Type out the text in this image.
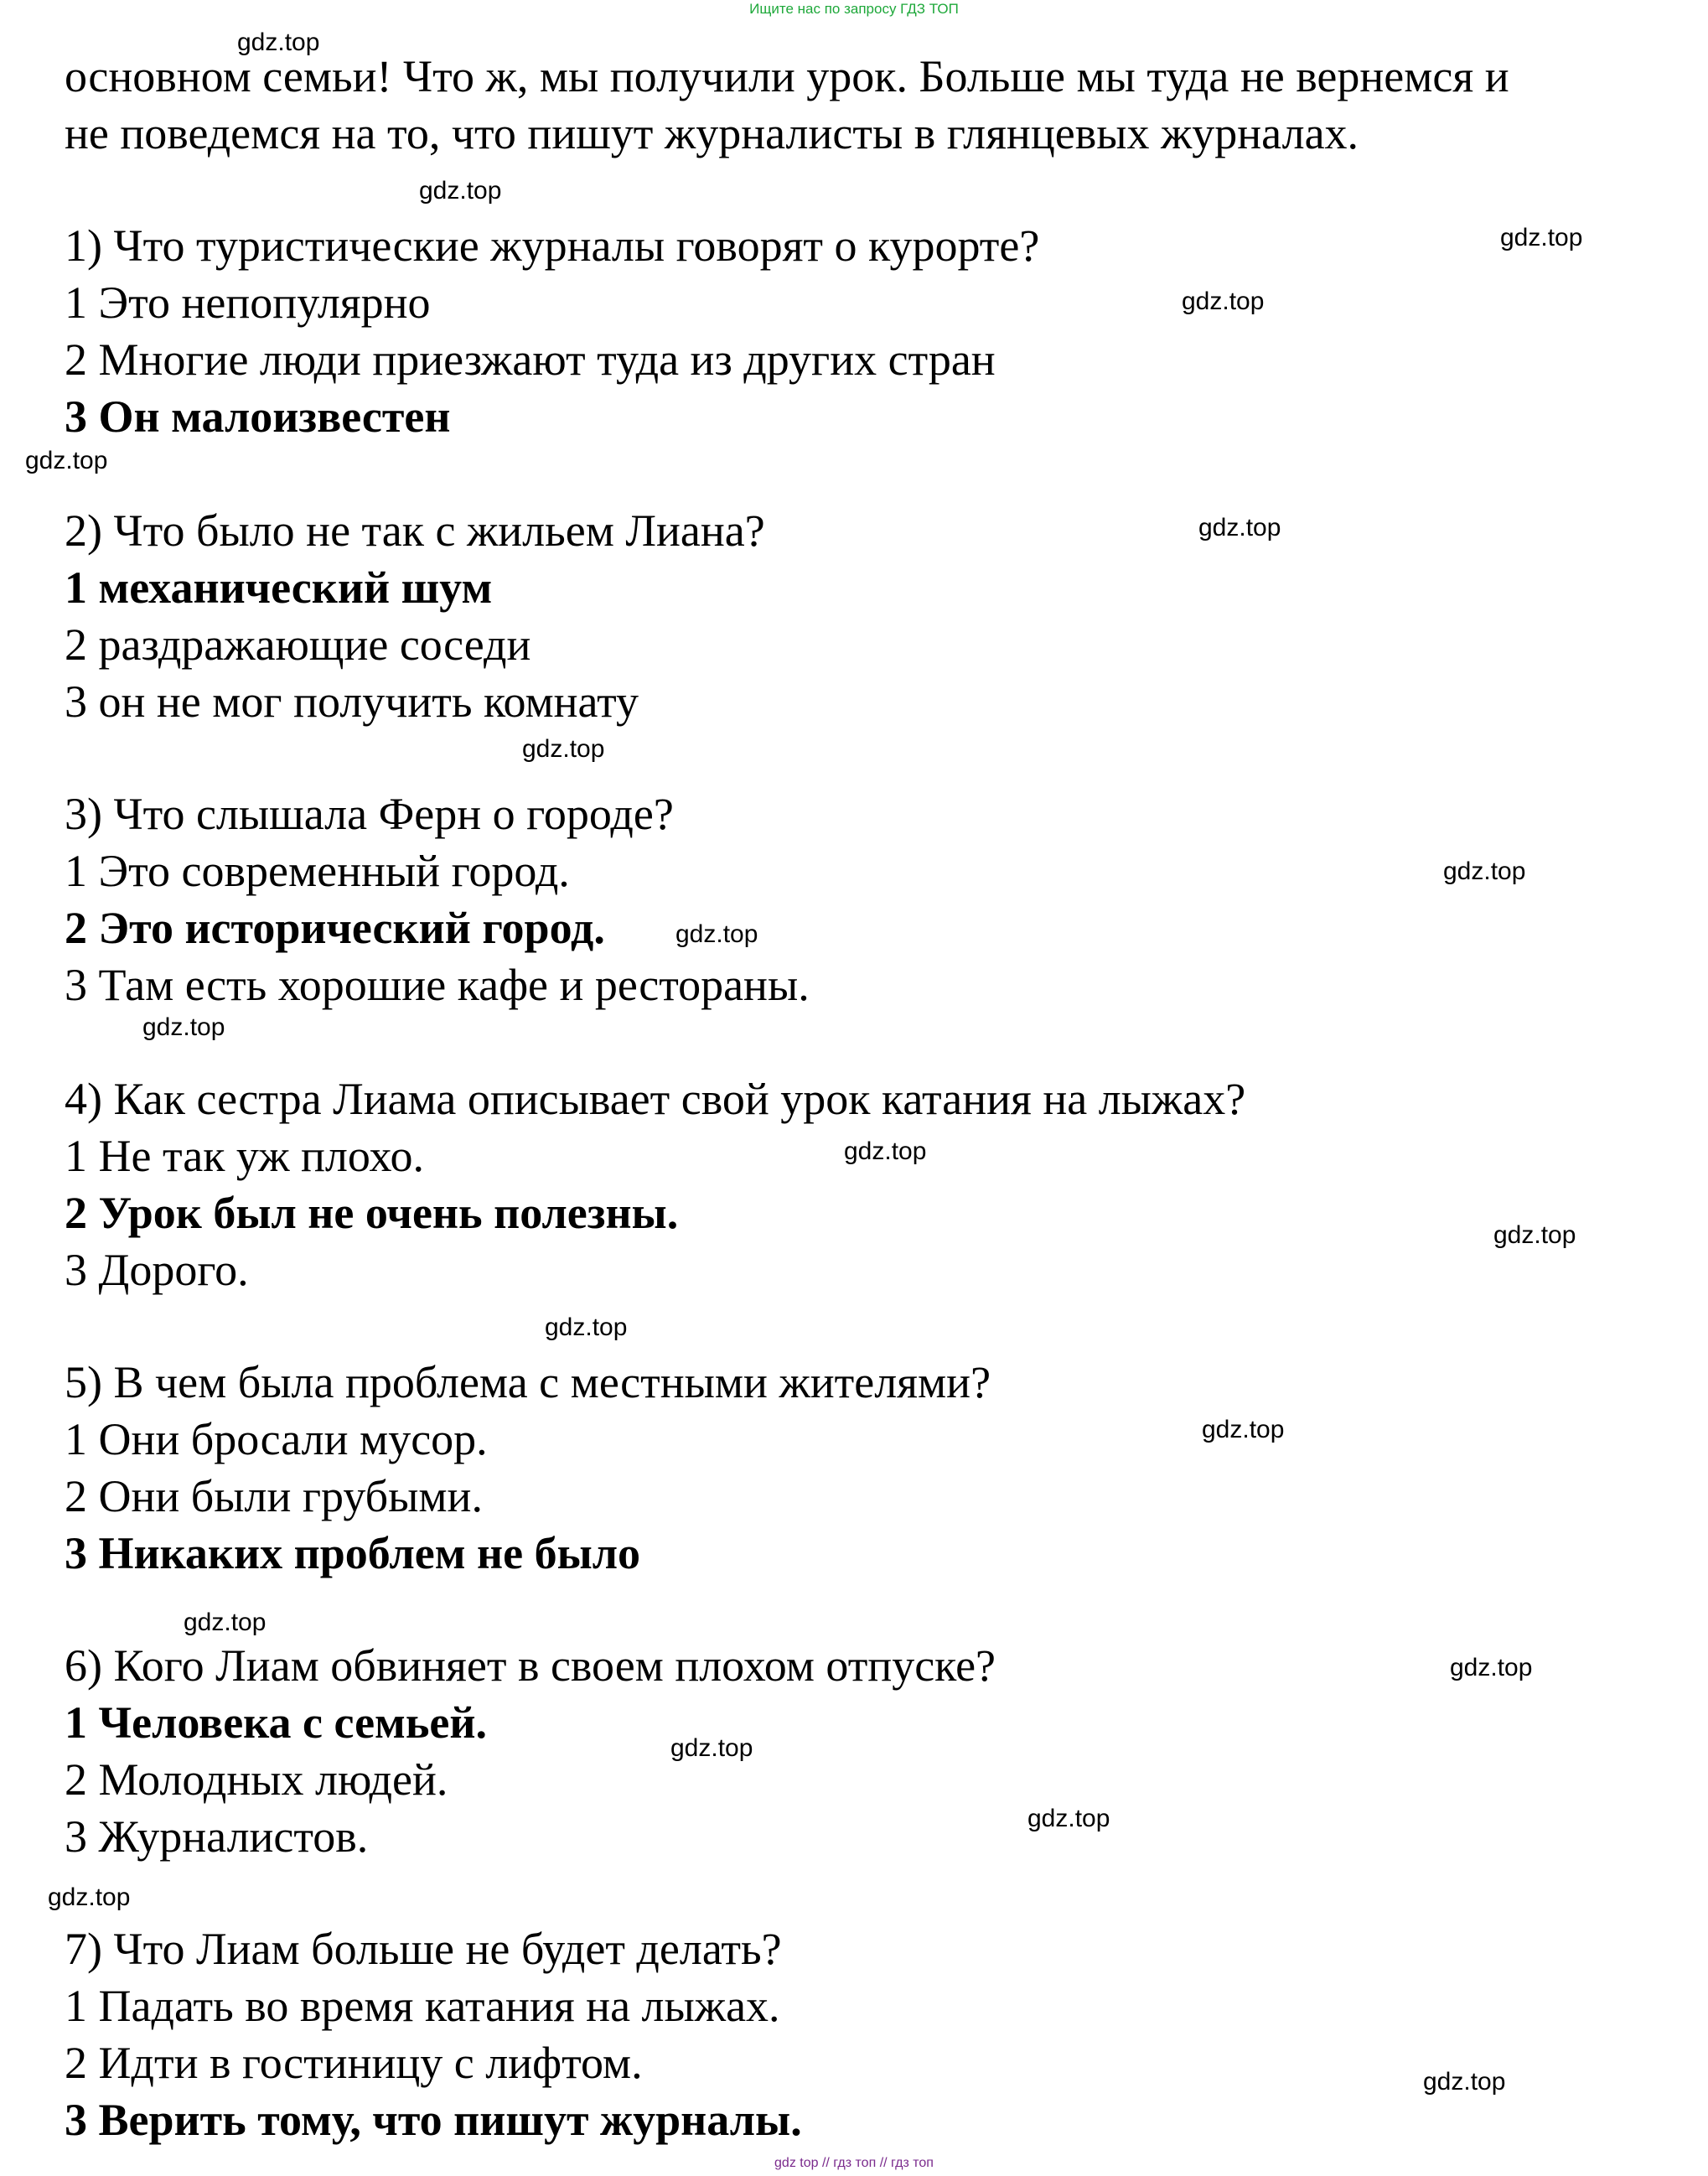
Ищите нас по запросу ГДЗ ТОП
основном семьи! Что ж, мы получили урок. Больше мы туда не вернемся и
не поведемся на то, что пишут журналисты в глянцевых журналах.
1) Что туристические журналы говорят о курорте?
1 Это непопулярно
2 Многие люди приезжают туда из других стран
3 Он малоизвестен
2) Что было не так с жильем Лиана?
1 механический шум
2 раздражающие соседи
3 он не мог получить комнату
3) Что слышала Ферн о городе?
1 Это современный город.
2 Это исторический город.
3 Там есть хорошие кафе и рестораны.
4) Как сестра Лиама описывает свой урок катания на лыжах?
1 Не так уж плохо.
2 Урок был не очень полезны.
3 Дорого.
5) В чем была проблема с местными жителями?
1 Они бросали мусор.
2 Они были грубыми.
3 Никаких проблем не было
6) Кого Лиам обвиняет в своем плохом отпуске?
1 Человека с семьей.
2 Молодных людей.
3 Журналистов.
7) Что Лиам больше не будет делать?
1 Падать во время катания на лыжах.
2 Идти в гостиницу с лифтом.
3 Верить тому, что пишут журналы.
gdz.top
gdz.top
gdz.top
gdz.top
gdz.top
gdz.top
gdz.top
gdz.top
gdz.top
gdz.top
gdz.top
gdz.top
gdz.top
gdz.top
gdz.top
gdz.top
gdz.top
gdz.top
gdz.top
gdz.top
gdz top // гдз топ // гдз топ
